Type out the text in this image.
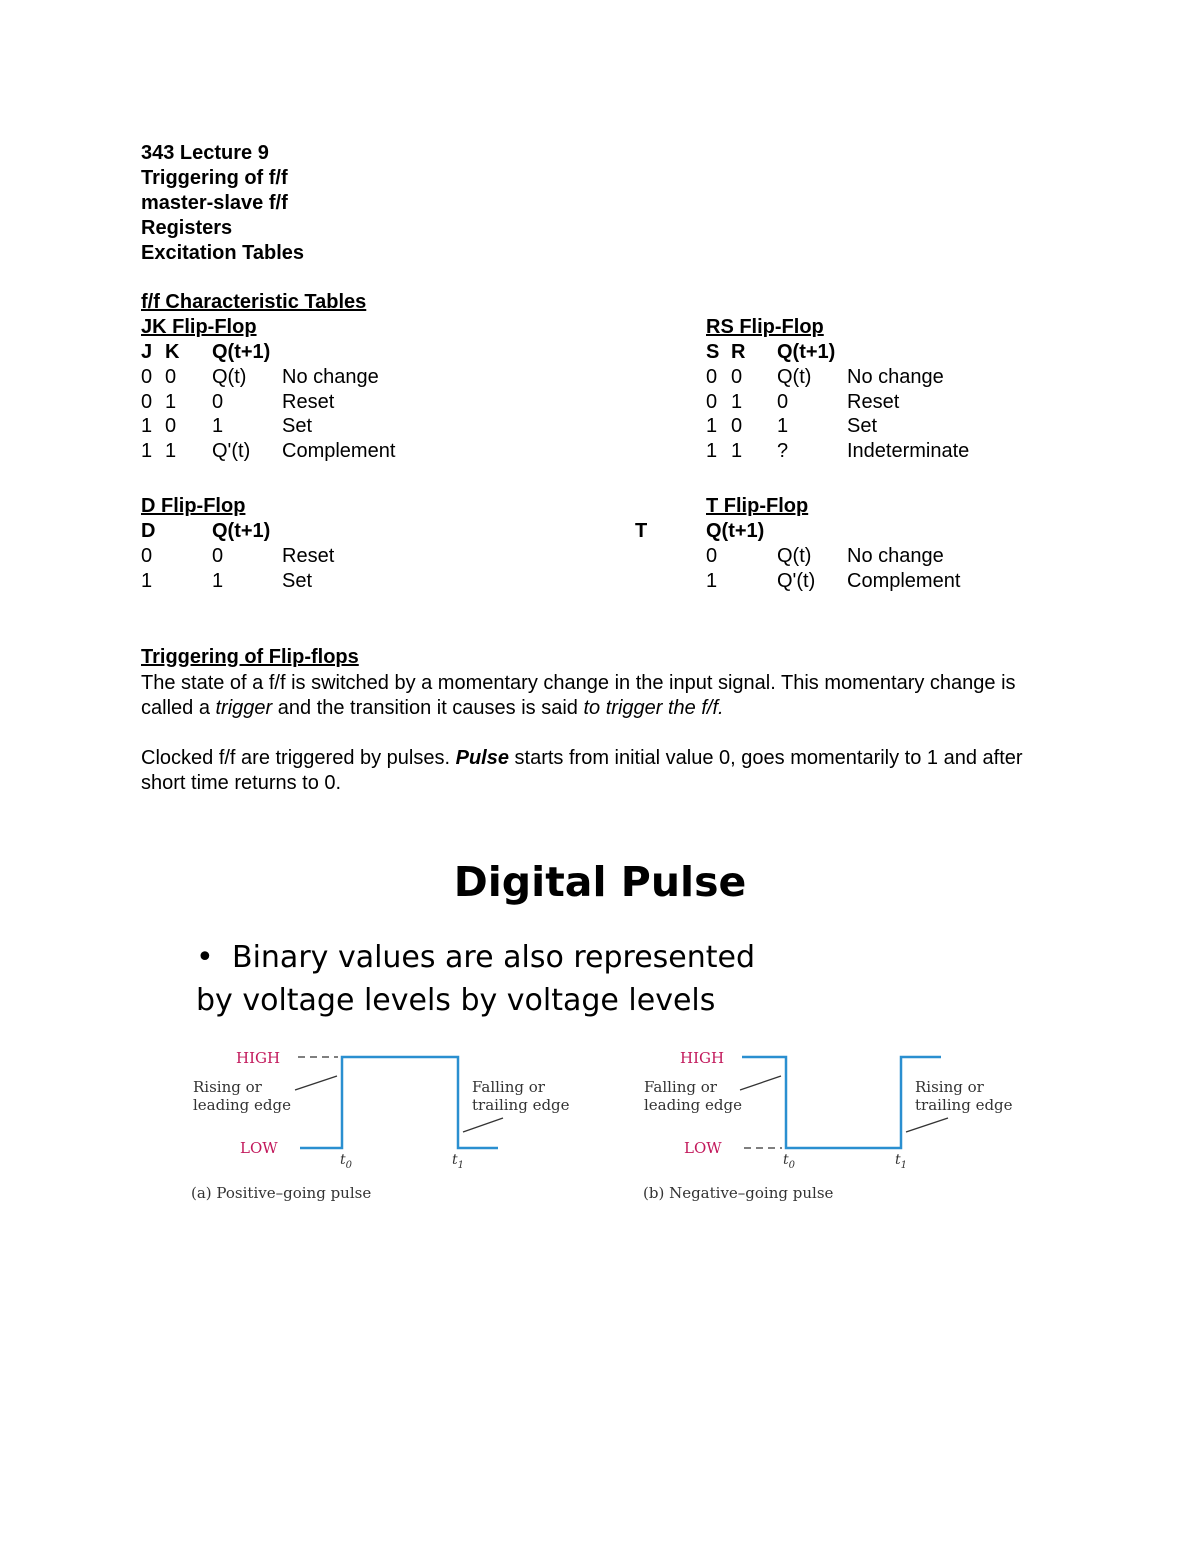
343 Lecture 9
Triggering of f/f
master-slave f/f
Registers
Excitation Tables
f/f Characteristic Tables
JK Flip-Flop
J K Q(t+1)
0 0 Q(t) No change
0 1 0	Reset
1 0 1	Set
1 1 Q'(t) Complement
RS Flip-Flop
S R Q(t+1)
0 0 Q(t) No change
0 1 0	Reset
1 0 1	Set
1 1 ?	Indeterminate
D Flip-Flop
D	Q(t+1)
0	0	Reset
1	1	Set
T Flip-Flop
T	Q(t+1)
0	Q(t) No change
1	Q'(t) Complement
Triggering of Flip-flops
The state of a f/f is switched by a momentary change in the input signal. This momentary change is called a trigger and the transition it causes is said to trigger the f/f.
Clocked f/f are triggered by pulses. Pulse starts from initial value 0, goes momentarily to 1 and after short time returns to 0.
Digital Pulse
• Binary values are also represented
by voltage levels by voltage levels
HIGH
LOW
Rising or
leading edge
Falling or
trailing edge
$t_0$	$t_1$
(a) Positive–going pulse
HIGH
LOW
Falling or
leading edge
Rising or
trailing edge
$t_0$	$t_1$
(b) Negative–going pulse
